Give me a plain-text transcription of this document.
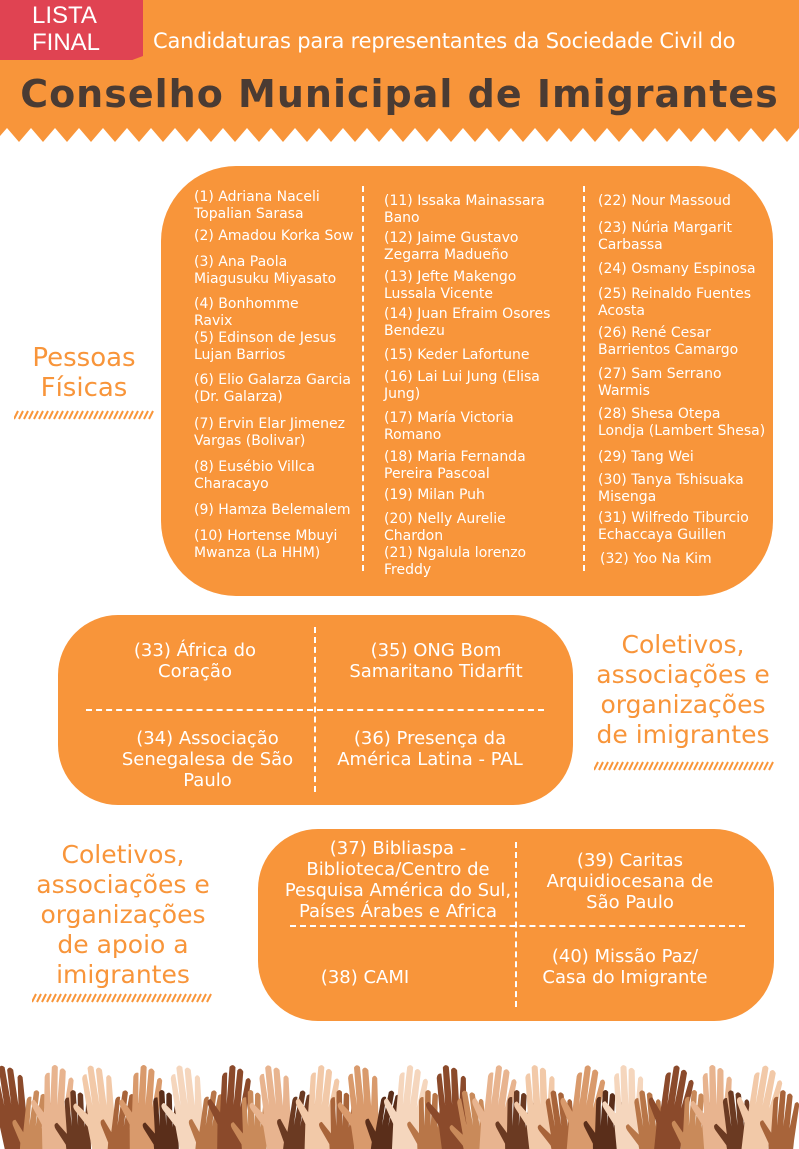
LISTA
FINAL	Candidaturas para representantes da Sociedade Civil do
Conselho Municipal de Imigrantes
(1) Adriana Naceli Topalian Sarasa
(2) Amadou Korka Sow
(3) Ana Paola Miagusuku Miyasato
(4) Bonhomme Ravix
(5) Edinson de Jesus Lujan Barrios
(6) Elio Galarza Garcia (Dr. Galarza)
(7) Ervin Elar Jimenez Vargas (Bolivar)
(8) Eusébio Villca Characayo
(9) Hamza Belemalem
(10) Hortense Mbuyi Mwanza (La HHM)
(11) Issaka Mainassara Bano
(12) Jaime Gustavo Zegarra Madueño
(13) Jefte Makengo Lussala Vicente
(14) Juan Efraim Osores Bendezu
(15) Keder Lafortune
(16) Lai Lui Jung (Elisa Jung)
(17) María Victoria Romano
(18) Maria Fernanda Pereira Pascoal
(19) Milan Puh
(20) Nelly Aurelie Chardon
(21) Ngalula lorenzo Freddy
(22) Nour Massoud
(23) Núria Margarit Carbassa
(24) Osmany Espinosa
(25) Reinaldo Fuentes Acosta
(26) René Cesar Barrientos Camargo
(27) Sam Serrano Warmis
(28) Shesa Otepa Londja (Lambert Shesa)
(29) Tang Wei
(30) Tanya Tshisuaka Misenga
(31) Wilfredo Tiburcio Echaccaya Guillen
(32) Yoo Na Kim
Pessoas
Físicas
(33) África do Coração
(35) ONG Bom Samaritano Tidarfit
(34) Associação Senegalesa de São Paulo
(36) Presença da América Latina - PAL
Coletivos,
associações e
organizações
de imigrantes
(37) Bibliaspa - Biblioteca/Centro de Pesquisa América do Sul, Países Árabes e Africa
(39) Caritas Arquidiocesana de São Paulo
(38) CAMI
(40) Missão Paz/ Casa do Imigrante
Coletivos,
associações e
organizações
de apoio a
imigrantes
